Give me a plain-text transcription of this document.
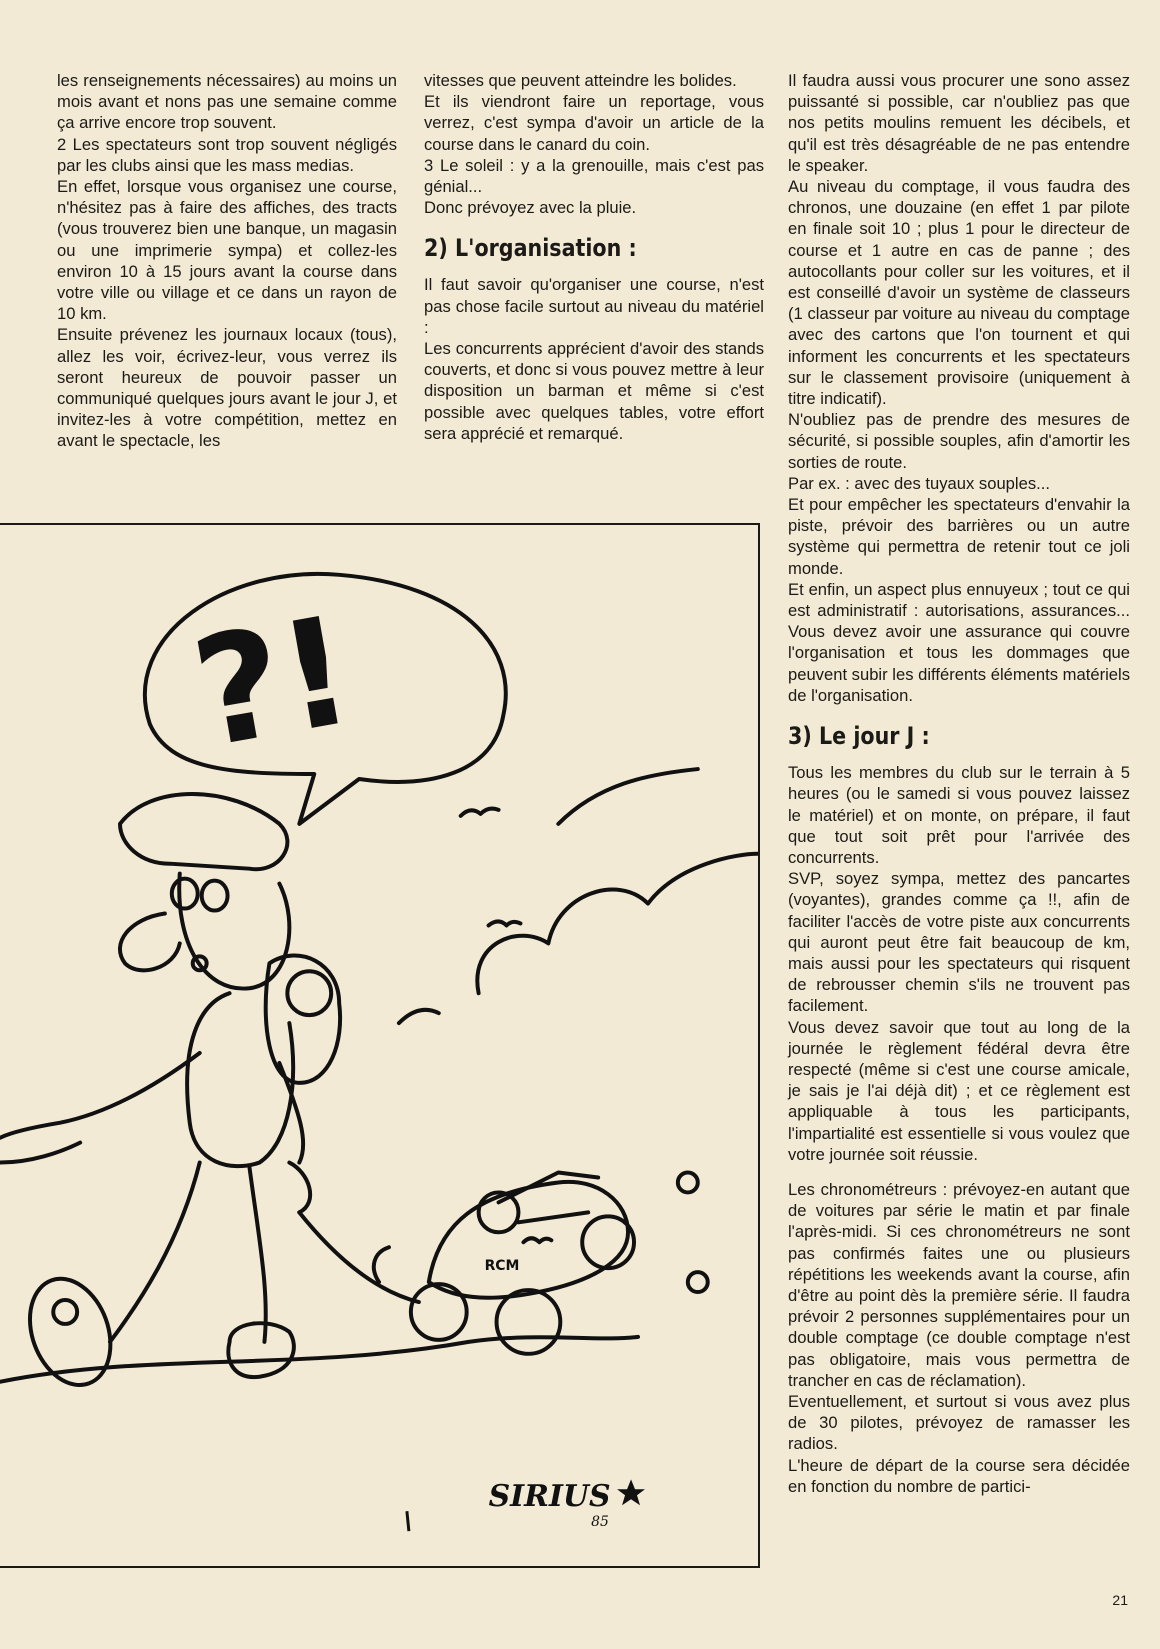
les renseignements nécessaires) au moins un mois avant et nons pas une semaine comme ça arrive encore trop souvent.

2 Les spectateurs sont trop souvent négligés par les clubs ainsi que les mass medias.

En effet, lorsque vous organisez une course, n'hésitez pas à faire des affiches, des tracts (vous trouverez bien une banque, un magasin ou une imprimerie sympa) et collez-les environ 10 à 15 jours avant la course dans votre ville ou village et ce dans un rayon de 10 km.

Ensuite prévenez les journaux locaux (tous), allez les voir, écrivez-leur, vous verrez ils seront heureux de pouvoir passer un communiqué quelques jours avant le jour J, et invitez-les à votre compétition, mettez en avant le spectacle, les

vitesses que peuvent atteindre les bolides.

Et ils viendront faire un reportage, vous verrez, c'est sympa d'avoir un article de la course dans le canard du coin.

3 Le soleil : y a la grenouille, mais c'est pas génial...

Donc prévoyez avec la pluie.

2) L'organisation :

Il faut savoir qu'organiser une course, n'est pas chose facile surtout au niveau du matériel :

Les concurrents apprécient d'avoir des stands couverts, et donc si vous pouvez mettre à leur disposition un barman et même si c'est possible avec quelques tables, votre effort sera apprécié et remarqué.

Il faudra aussi vous procurer une sono assez puissanté si possible, car n'oubliez pas que nos petits moulins remuent les décibels, et qu'il est très désagréable de ne pas entendre le speaker.

Au niveau du comptage, il vous faudra des chronos, une douzaine (en effet 1 par pilote en finale soit 10 ; plus 1 pour le directeur de course et 1 autre en cas de panne ; des autocollants pour coller sur les voitures, et il est conseillé d'avoir un système de classeurs (1 classeur par voiture au niveau du comptage avec des cartons que l'on tournent et qui informent les concurrents et les spectateurs sur le classement provisoire (uniquement à titre indicatif).

N'oubliez pas de prendre des mesures de sécurité, si possible souples, afin d'amortir les sorties de route.

Par ex. : avec des tuyaux souples...

Et pour empêcher les spectateurs d'envahir la piste, prévoir des barrières ou un autre système qui permettra de retenir tout ce joli monde.

Et enfin, un aspect plus ennuyeux ; tout ce qui est administratif : autorisations, assurances... Vous devez avoir une assurance qui couvre l'organisation et tous les dommages que peuvent subir les différents éléments matériels de l'organisation.

3) Le jour J :

Tous les membres du club sur le terrain à 5 heures (ou le samedi si vous pouvez laissez le matériel) et on monte, on prépare, il faut que tout soit prêt pour l'arrivée des concurrents.

SVP, soyez sympa, mettez des pancartes (voyantes), grandes comme ça !!, afin de faciliter l'accès de votre piste aux concurrents qui auront peut être fait beaucoup de km, mais aussi pour les spectateurs qui risquent de rebrousser chemin s'ils ne trouvent pas facilement.

Vous devez savoir que tout au long de la journée le règlement fédéral devra être respecté (même si c'est une course amicale, je sais je l'ai déjà dit) ; et ce règlement est appliquable à tous les participants, l'impartialité est essentielle si vous voulez que votre journée soit réussie.

Les chronométreurs : prévoyez-en autant que de voitures par série le matin et par finale l'après-midi. Si ces chronométreurs ne sont pas confirmés faites une ou plusieurs répétitions les weekends avant la course, afin d'être au point dès la première série. Il faudra prévoir 2 personnes supplémentaires pour un double comptage (ce double comptage n'est pas obligatoire, mais vous permettra de trancher en cas de réclamation).

Eventuellement, et surtout si vous avez plus de 30 pilotes, prévoyez de ramasser les radios.

L'heure de départ de la course sera décidée en fonction du nombre de partici-

?!
RCM
SIRIUS
85
21
